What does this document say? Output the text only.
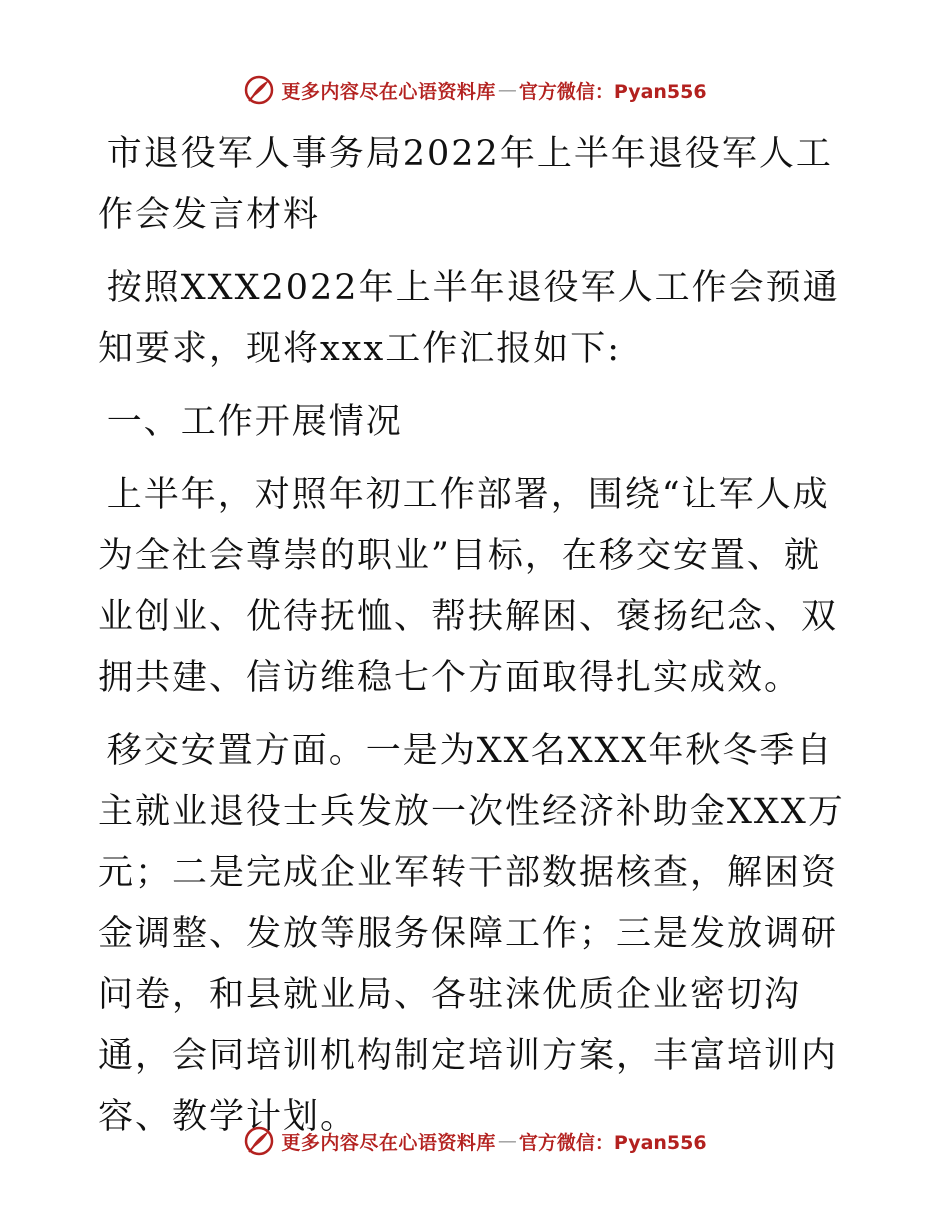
更多内容尽在心语资料库 — 官方微信：Pyan556

市退役军人事务局2022年上半年退役军人工作会发言材料

按照XXX2022年上半年退役军人工作会预通知要求，现将xxx工作汇报如下:

一、工作开展情况

上半年，对照年初工作部署，围绕“让军人成为全社会尊崇的职业”目标，在移交安置、就业创业、优待抚恤、帮扶解困、褒扬纪念、双拥共建、信访维稳七个方面取得扎实成效。

移交安置方面。一是为XX名XXX年秋冬季自主就业退役士兵发放一次性经济补助金XXX万元；二是完成企业军转干部数据核查，解困资金调整、发放等服务保障工作；三是发放调研问卷，和县就业局、各驻涞优质企业密切沟通，会同培训机构制定培训方案，丰富培训内容、教学计划。

更多内容尽在心语资料库 — 官方微信：Pyan556
